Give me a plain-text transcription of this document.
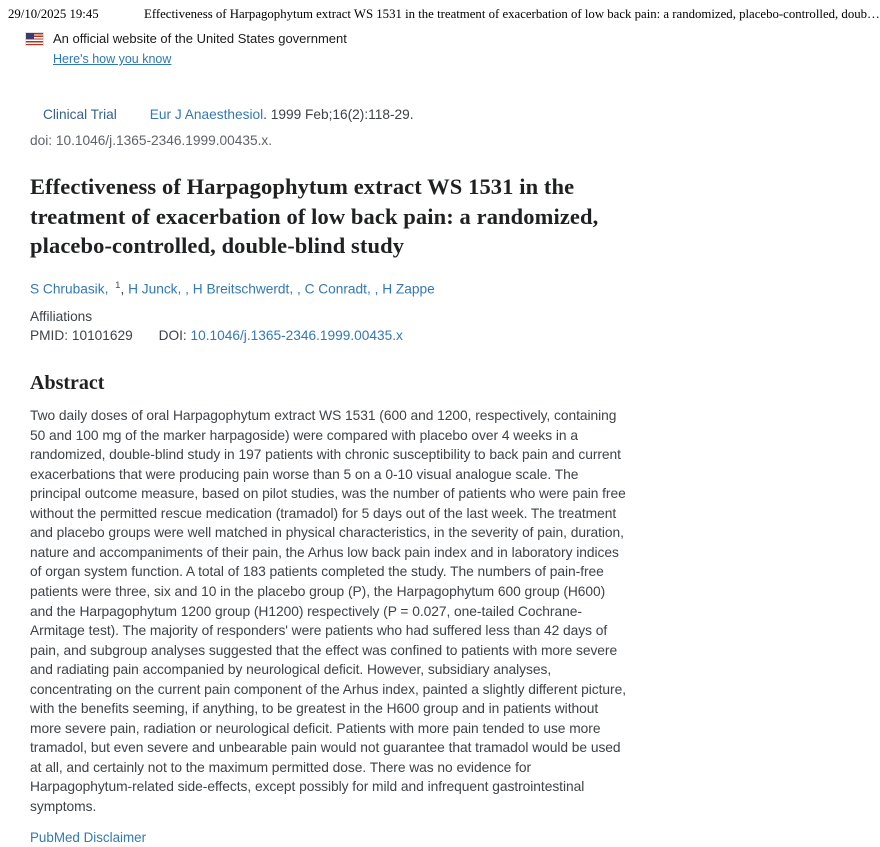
29/10/2025 19:45	Effectiveness of Harpagophytum extract WS 1531 in the treatment of exacerbation of low back pain: a randomized, placebo-controlled, doub…
An official website of the United States government
Here's how you know
Clinical Trial Eur J Anaesthesiol. 1999 Feb;16(2):118-29.
doi: 10.1046/j.1365-2346.1999.00435.x.
Effectiveness of Harpagophytum extract WS 1531 in the treatment of exacerbation of low back pain: a randomized, placebo-controlled, double-blind study
S Chrubasik , $^1$, H Junck , , H Breitschwerdt , , C Conradt , , H Zappe
Affiliations
PMID: 10101629 DOI: 10.1046/j.1365-2346.1999.00435.x
Abstract

Two daily doses of oral Harpagophytum extract WS 1531 (600 and 1200, respectively, containing 50 and 100 mg of the marker harpagoside) were compared with placebo over 4 weeks in a randomized, double-blind study in 197 patients with chronic susceptibility to back pain and current exacerbations that were producing pain worse than 5 on a 0-10 visual analogue scale. The principal outcome measure, based on pilot studies, was the number of patients who were pain free without the permitted rescue medication (tramadol) for 5 days out of the last week. The treatment and placebo groups were well matched in physical characteristics, in the severity of pain, duration, nature and accompaniments of their pain, the Arhus low back pain index and in laboratory indices of organ system function. A total of 183 patients completed the study. The numbers of pain-free patients were three, six and 10 in the placebo group (P), the Harpagophytum 600 group (H600) and the Harpagophytum 1200 group (H1200) respectively (P = 0.027, one-tailed Cochrane-Armitage test). The majority of responders' were patients who had suffered less than 42 days of pain, and subgroup analyses suggested that the effect was confined to patients with more severe and radiating pain accompanied by neurological deficit. However, subsidiary analyses, concentrating on the current pain component of the Arhus index, painted a slightly different picture, with the benefits seeming, if anything, to be greatest in the H600 group and in patients without more severe pain, radiation or neurological deficit. Patients with more pain tended to use more tramadol, but even severe and unbearable pain would not guarantee that tramadol would be used at all, and certainly not to the maximum permitted dose. There was no evidence for Harpagophytum-related side-effects, except possibly for mild and infrequent gastrointestinal symptoms.

PubMed Disclaimer
